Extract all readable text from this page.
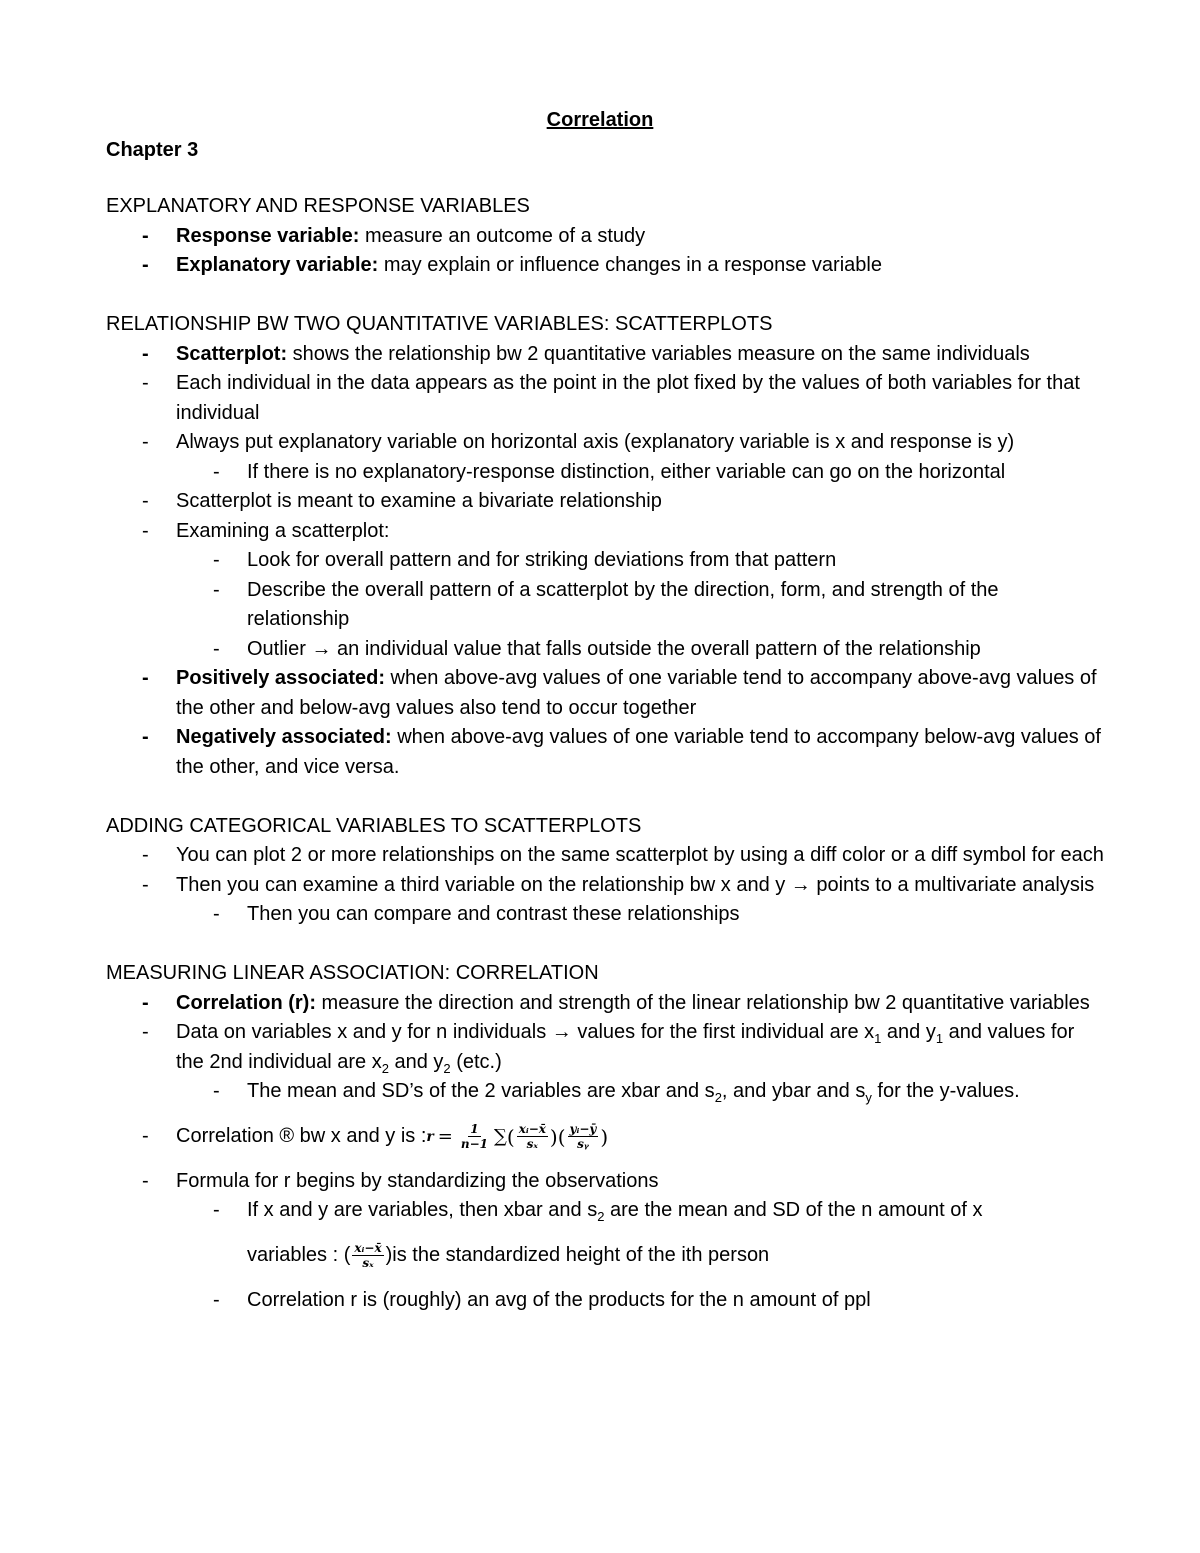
Correlation
Chapter 3
EXPLANATORY AND RESPONSE VARIABLES
- Response variable: measure an outcome of a study
- Explanatory variable: may explain or influence changes in a response variable
RELATIONSHIP BW TWO QUANTITATIVE VARIABLES: SCATTERPLOTS
- Scatterplot: shows the relationship bw 2 quantitative variables measure on the same individuals
- Each individual in the data appears as the point in the plot fixed by the values of both variables for that individual
- Always put explanatory variable on horizontal axis (explanatory variable is x and response is y)
- If there is no explanatory-response distinction, either variable can go on the horizontal
- Scatterplot is meant to examine a bivariate relationship
- Examining a scatterplot:
- Look for overall pattern and for striking deviations from that pattern
- Describe the overall pattern of a scatterplot by the direction, form, and strength of the relationship
- Outlier → an individual value that falls outside the overall pattern of the relationship
- Positively associated: when above-avg values of one variable tend to accompany above-avg values of the other and below-avg values also tend to occur together
- Negatively associated: when above-avg values of one variable tend to accompany below-avg values of the other, and vice versa.
ADDING CATEGORICAL VARIABLES TO SCATTERPLOTS
- You can plot 2 or more relationships on the same scatterplot by using a diff color or a diff symbol for each
- Then you can examine a third variable on the relationship bw x and y → points to a multivariate analysis
- Then you can compare and contrast these relationships
MEASURING LINEAR ASSOCIATION: CORRELATION
- Correlation (r): measure the direction and strength of the linear relationship bw 2 quantitative variables
- Data on variables x and y for n individuals → values for the first individual are $x_1$ and $y_1$ and values for the 2nd individual are $x_2$ and $y_2$ (etc.)
- The mean and SD’s of the 2 variables are xbar and $s_2$, and ybar and $s_y$ for the y-values.
- Correlation ® bw x and y is : $r = \frac{1}{n-1}$ ∑ ( $\frac{\text{xᵢ−x̄}}{\text{sₓ}}$ )( $\frac{\text{yᵢ−ȳ}}{\text{sᵧ}}$ )
- Formula for r begins by standardizing the observations
- If x and y are variables, then xbar and $s_2$ are the mean and SD of the n amount of x
variables : ( $\frac{\text{xᵢ−x̄}}{\text{sₓ}} )is$ the standardized height of the ith person
- Correlation r is (roughly) an avg of the products for the n amount of ppl
